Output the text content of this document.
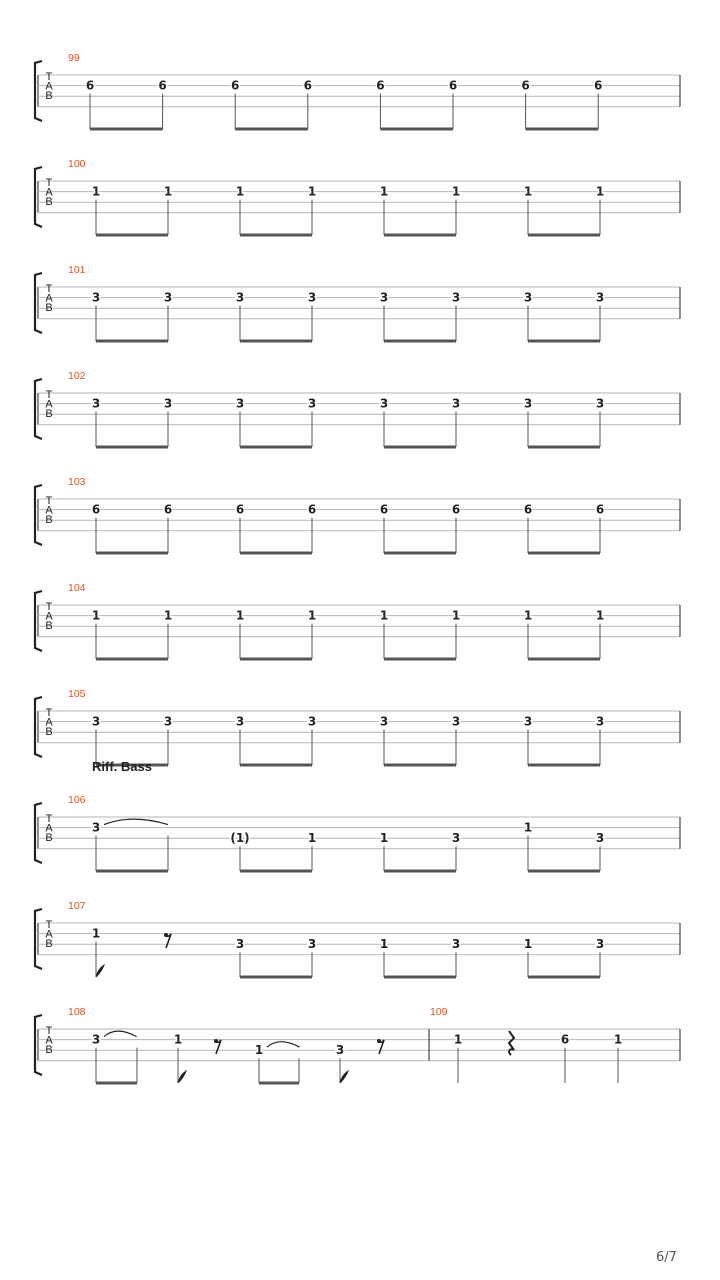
T
A
B
99
6	6	6	6	6	6	6	6
T
A
B
100
1	1	1	1	1	1	1	1
T
A
B
101
3	3	3	3	3	3	3	3
T
A
B
102
3	3	3	3	3	3	3	3
T
A
B
103
6	6	6	6	6	6	6	6
T
A
B
104
1	1	1	1	1	1	1	1
T
A
B
105
3	3	3	3	3	3	3	3
Riff. Bass
T
A
B
106
3
(1)	1	1	3
1
3
T
A
B
107
1
3	3	1	3	1	3
T
A
B
108
3	1
1	3
109
1	6	1
6/7
